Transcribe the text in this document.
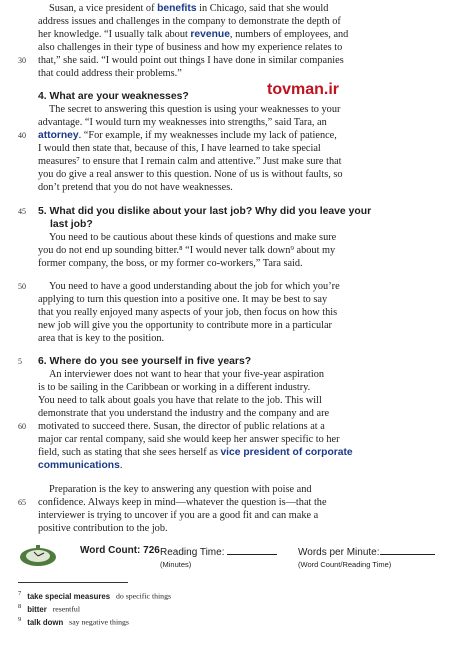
Susan, a vice president of benefits in Chicago, said that she would
address issues and challenges in the company to demonstrate the depth of
her knowledge. “I usually talk about revenue, numbers of employees, and
also challenges in their type of business and how my experience relates to
30 that,” she said. “I would point out things I have done in similar companies
that could address their problems.”
tovman.ir
4. What are your weaknesses?
The secret to answering this question is using your weaknesses to your
advantage. “I would turn my weaknesses into strengths,” said Tara, an
40 attorney. “For example, if my weaknesses include my lack of patience,
I would then state that, because of this, I have learned to take special
measures⁷ to ensure that I remain calm and attentive.” Just make sure that
you do give a real answer to this question. None of us is without faults, so
don’t pretend that you do not have weaknesses.
45 5. What did you dislike about your last job? Why did you leave your
last job?
You need to be cautious about these kinds of questions and make sure
you do not end up sounding bitter.⁸ “I would never talk down⁹ about my
former company, the boss, or my former co-workers,” Tara said.
50 You need to have a good understanding about the job for which you’re
applying to turn this question into a positive one. It may be best to say
that you really enjoyed many aspects of your job, then focus on how this
new job will give you the opportunity to contribute more in a particular
area that is key to the position.
5 6. Where do you see yourself in five years?
An interviewer does not want to hear that your five-year aspiration
is to be sailing in the Caribbean or working in a different industry.
You need to talk about goals you have that relate to the job. This will
demonstrate that you understand the industry and the company and are
60 motivated to succeed there. Susan, the director of public relations at a
major car rental company, said she would keep her answer specific to her
field, such as stating that she sees herself as vice president of corporate
communications.
Preparation is the key to answering any question with poise and
65 confidence. Always keep in mind—whatever the question is—that the
interviewer is trying to uncover if you are a good fit and can make a
positive contribution to the job.
Word Count: 726 Reading Time:
(Minutes)
Words per Minute:
(Word Count/Reading Time)
$^7$ take special measures do specific things
$^8$ bitter resentful
$^9$ talk down say negative things
